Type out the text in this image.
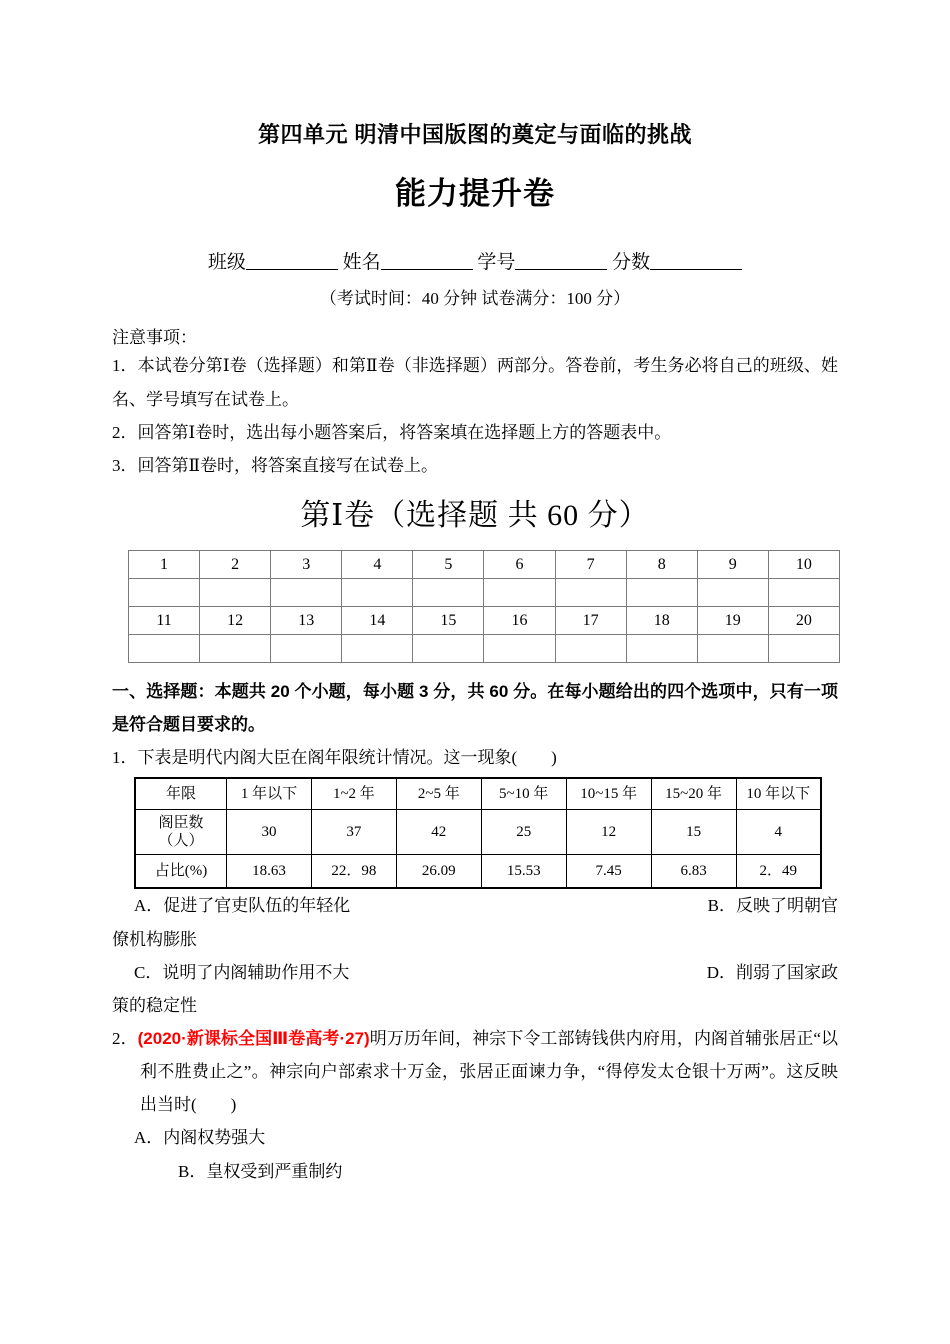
第四单元 明清中国版图的奠定与面临的挑战
能力提升卷
班级	姓名	学号	分数
（考试时间：40 分钟 试卷满分：100 分）
注意事项：
1．本试卷分第Ⅰ卷（选择题）和第Ⅱ卷（非选择题）两部分。答卷前，考生务必将自己的班级、姓名、学号填写在试卷上。
2．回答第Ⅰ卷时，选出每小题答案后，将答案填在选择题上方的答题表中。
3．回答第Ⅱ卷时，将答案直接写在试卷上。
第Ⅰ卷（选择题 共 60 分）
1	2	3	4	5	6	7	8	9	10

11	12	13	14	15	16	17	18	19	20

一、选择题：本题共 20 个小题，每小题 3 分，共 60 分。在每小题给出的四个选项中，只有一项是符合题目要求的。
1．下表是明代内阁大臣在阁年限统计情况。这一现象(　　)
年限	1 年以下	1~2 年	2~5 年	5~10 年	10~15 年	15~20 年	10 年以下
阁臣数
（人）	30	37	42	25	12	15	4
占比(%)	18.63	22．98	26.09	15.53	7.45	6.83	2．49
A．促进了官吏队伍的年轻化	B．反映了明朝官
僚机构膨胀
C．说明了内阁辅助作用不大	D．削弱了国家政
策的稳定性
2．(2020·新课标全国Ⅲ卷高考·27)明万历年间，神宗下令工部铸钱供内府用，内阁首辅张居正“以利不胜费止之”。神宗向户部索求十万金，张居正面谏力争，“得停发太仓银十万两”。这反映出当时(　　)
A．内阁权势强大
B．皇权受到严重制约
